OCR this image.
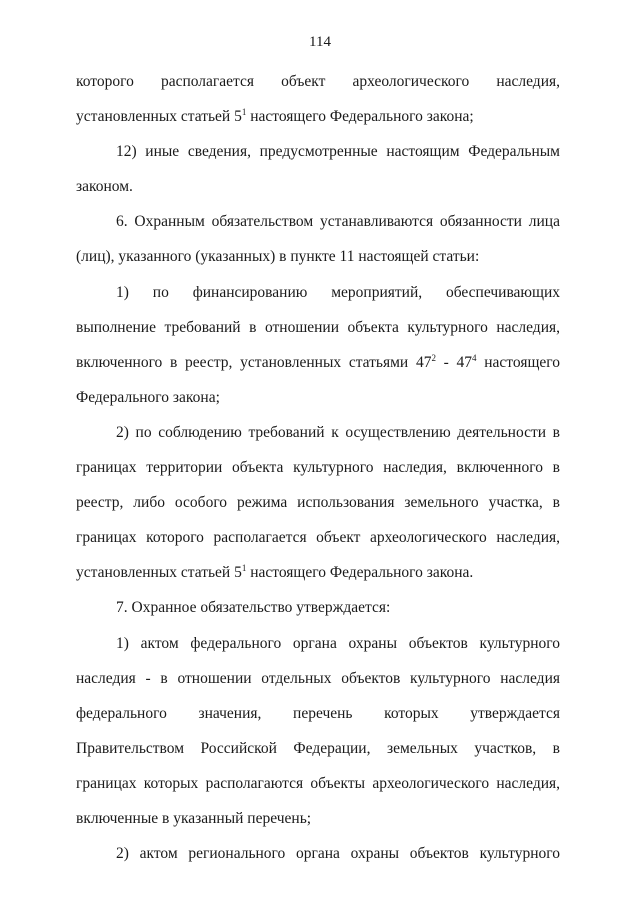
114

которого располагается объект археологического наследия, установленных статьей $5^1$ настоящего Федерального закона;

12) иные сведения, предусмотренные настоящим Федеральным законом.

6. Охранным обязательством устанавливаются обязанности лица (лиц), указанного (указанных) в пункте 11 настоящей статьи:

1) по финансированию мероприятий, обеспечивающих выполнение требований в отношении объекта культурного наследия, включенного в реестр, установленных статьями $47^2 - 47^4$ настоящего Федерального закона;

2) по соблюдению требований к осуществлению деятельности в границах территории объекта культурного наследия, включенного в реестр, либо особого режима использования земельного участка, в границах которого располагается объект археологического наследия, установленных статьей $5^1$ настоящего Федерального закона.

7. Охранное обязательство утверждается:

1) актом федерального органа охраны объектов культурного наследия - в отношении отдельных объектов культурного наследия федерального значения, перечень которых утверждается Правительством Российской Федерации, земельных участков, в границах которых располагаются объекты археологического наследия, включенные в указанный перечень;

2) актом регионального органа охраны объектов культурного
